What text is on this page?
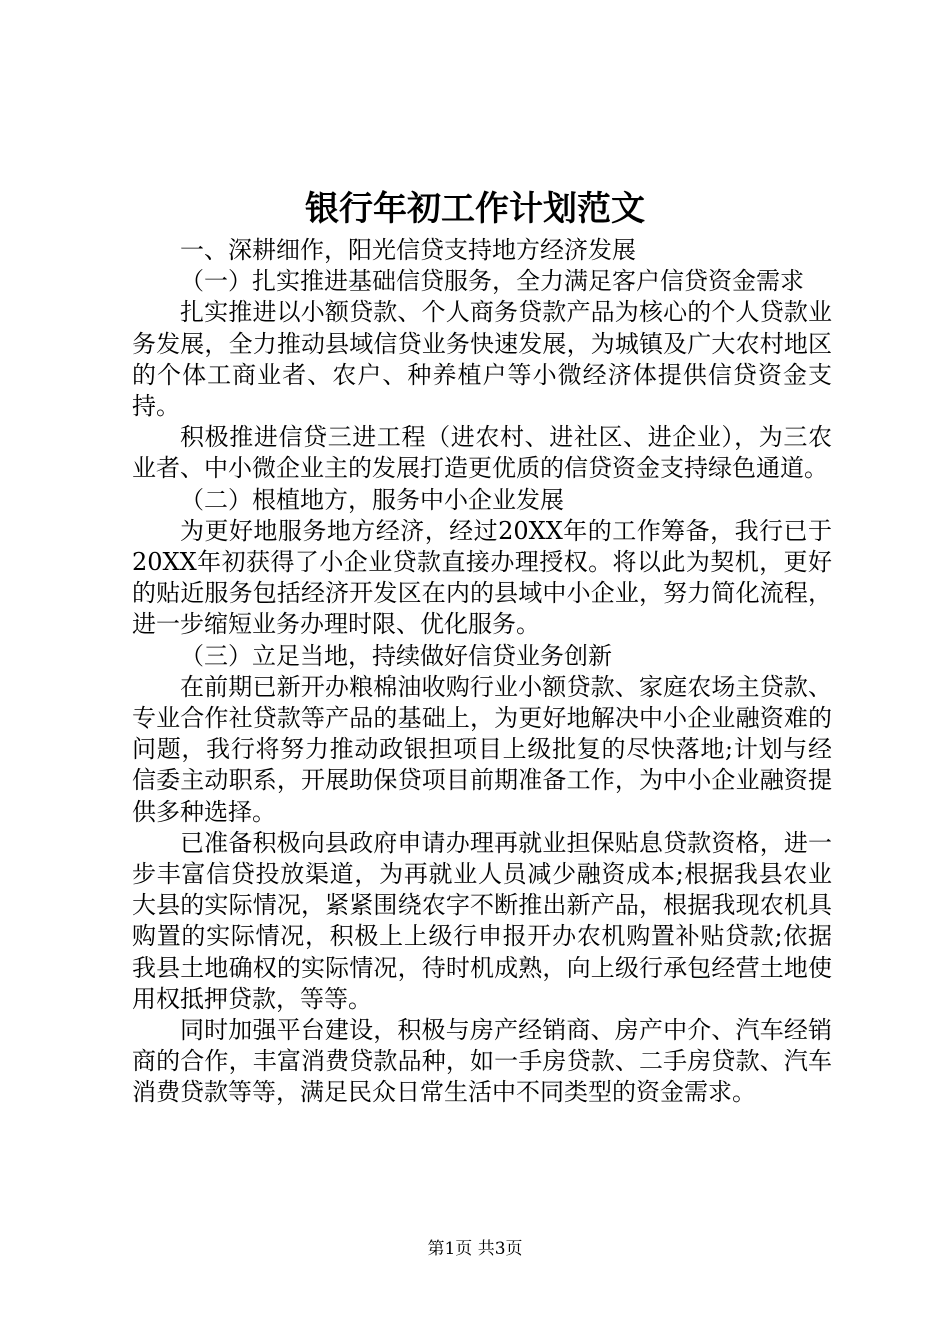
银行年初工作计划范文

一、深耕细作，阳光信贷支持地方经济发展

（一）扎实推进基础信贷服务，全力满足客户信贷资金需求

扎实推进以小额贷款、个人商务贷款产品为核心的个人贷款业务发展，全力推动县域信贷业务快速发展，为城镇及广大农村地区的个体工商业者、农户、种养植户等小微经济体提供信贷资金支持。

积极推进信贷三进工程（进农村、进社区、进企业），为三农业者、中小微企业主的发展打造更优质的信贷资金支持绿色通道。

（二）根植地方，服务中小企业发展

为更好地服务地方经济，经过20XX年的工作筹备，我行已于20XX年初获得了小企业贷款直接办理授权。将以此为契机，更好的贴近服务包括经济开发区在内的县域中小企业，努力简化流程，进一步缩短业务办理时限、优化服务。

（三）立足当地，持续做好信贷业务创新

在前期已新开办粮棉油收购行业小额贷款、家庭农场主贷款、专业合作社贷款等产品的基础上，为更好地解决中小企业融资难的问题，我行将努力推动政银担项目上级批复的尽快落地;计划与经信委主动职系，开展助保贷项目前期准备工作，为中小企业融资提供多种选择。

已准备积极向县政府申请办理再就业担保贴息贷款资格，进一步丰富信贷投放渠道，为再就业人员减少融资成本;根据我县农业大县的实际情况，紧紧围绕农字不断推出新产品，根据我现农机具购置的实际情况，积极上上级行申报开办农机购置补贴贷款;依据我县土地确权的实际情况，待时机成熟，向上级行承包经营土地使用权抵押贷款，等等。

同时加强平台建设，积极与房产经销商、房产中介、汽车经销商的合作，丰富消费贷款品种，如一手房贷款、二手房贷款、汽车消费贷款等等，满足民众日常生活中不同类型的资金需求。

第1页 共3页
